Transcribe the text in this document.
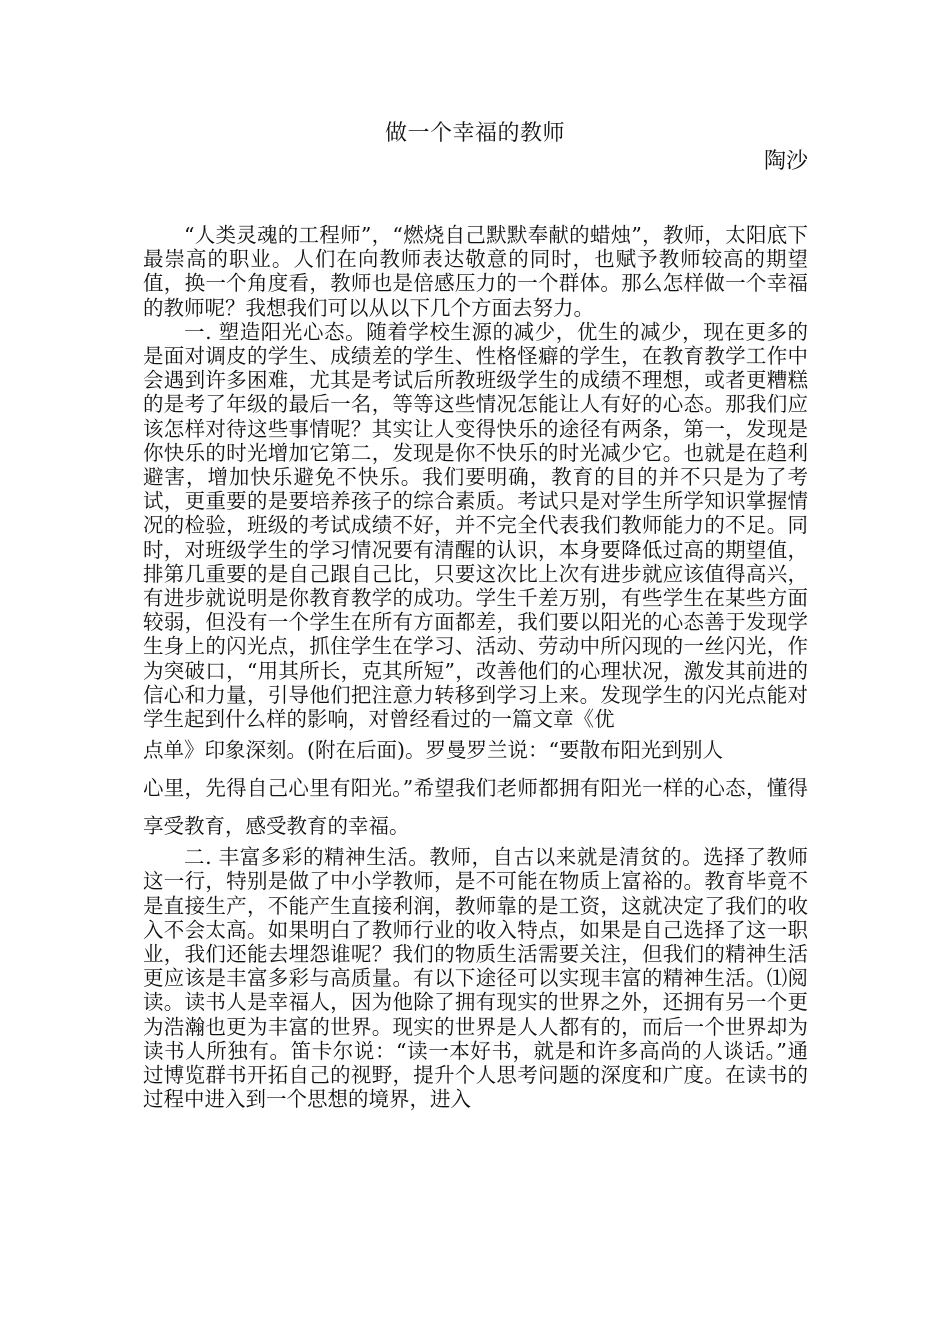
做一个幸福的教师
陶沙

“人类灵魂的工程师”，“燃烧自己默默奉献的蜡烛”，教师，太阳底下最崇高的职业。人们在向教师表达敬意的同时，也赋予教师较高的期望值，换一个角度看，教师也是倍感压力的一个群体。那么怎样做一个幸福的教师呢？我想我们可以从以下几个方面去努力。

一. 塑造阳光心态。随着学校生源的减少，优生的减少，现在更多的是面对调皮的学生、成绩差的学生、性格怪癖的学生，在教育教学工作中会遇到许多困难，尤其是考试后所教班级学生的成绩不理想，或者更糟糕的是考了年级的最后一名，等等这些情况怎能让人有好的心态。那我们应该怎样对待这些事情呢？其实让人变得快乐的途径有两条，第一，发现是你快乐的时光增加它第二，发现是你不快乐的时光减少它。也就是在趋利避害，增加快乐避免不快乐。我们要明确，教育的目的并不只是为了考试，更重要的是要培养孩子的综合素质。考试只是对学生所学知识掌握情况的检验，班级的考试成绩不好，并不完全代表我们教师能力的不足。同时，对班级学生的学习情况要有清醒的认识，本身要降低过高的期望值，排第几重要的是自己跟自己比，只要这次比上次有进步就应该值得高兴，有进步就说明是你教育教学的成功。学生千差万别，有些学生在某些方面较弱，但没有一个学生在所有方面都差，我们要以阳光的心态善于发现学生身上的闪光点，抓住学生在学习、活动、劳动中所闪现的一丝闪光，作为突破口，“用其所长，克其所短”，改善他们的心理状况，激发其前进的信心和力量，引导他们把注意力转移到学习上来。发现学生的闪光点能对学生起到什么样的影响，对曾经看过的一篇文章《优

点单》印象深刻。(附在后面)。罗曼罗兰说：“要散布阳光到别人
心里，先得自己心里有阳光。”希望我们老师都拥有阳光一样的心态，懂得享受教育，感受教育的幸福。

二. 丰富多彩的精神生活。教师，自古以来就是清贫的。选择了教师这一行，特别是做了中小学教师，是不可能在物质上富裕的。教育毕竟不是直接生产，不能产生直接利润，教师靠的是工资，这就决定了我们的收入不会太高。如果明白了教师行业的收入特点，如果是自己选择了这一职业，我们还能去埋怨谁呢？我们的物质生活需要关注，但我们的精神生活更应该是丰富多彩与高质量。有以下途径可以实现丰富的精神生活。⑴阅读。读书人是幸福人，因为他除了拥有现实的世界之外，还拥有另一个更为浩瀚也更为丰富的世界。现实的世界是人人都有的，而后一个世界却为读书人所独有。笛卡尔说：“读一本好书，就是和许多高尚的人谈话。”通过博览群书开拓自己的视野，提升个人思考问题的深度和广度。在读书的过程中进入到一个思想的境界，进入
